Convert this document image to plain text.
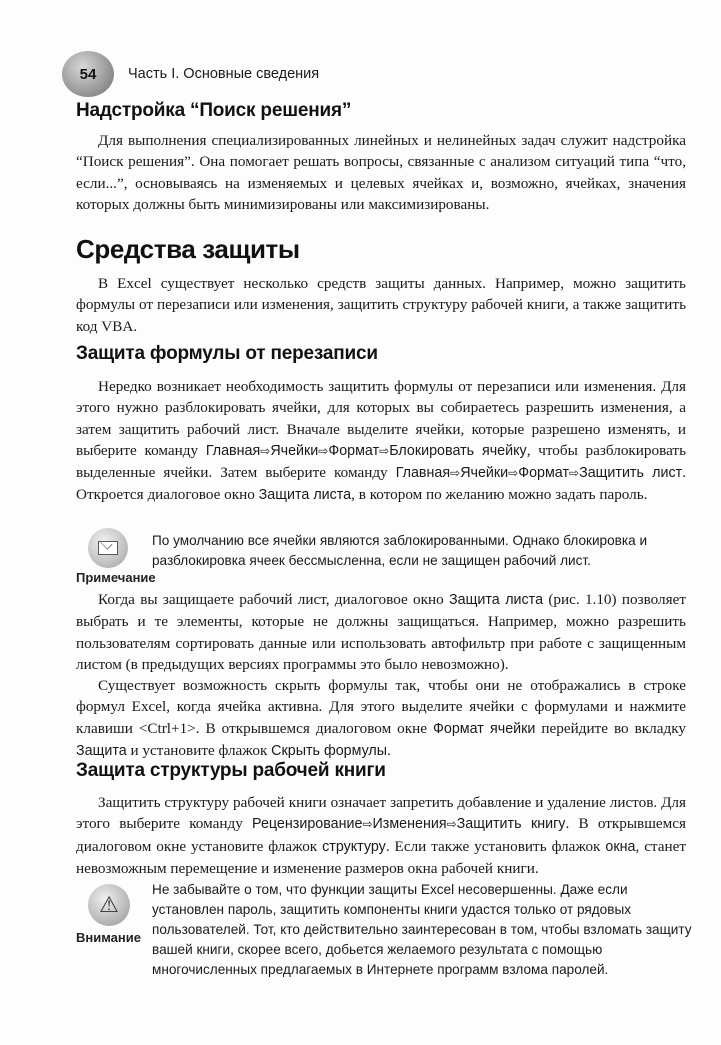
54 Часть I. Основные сведения
Надстройка “Поиск решения”

Для выполнения специализированных линейных и нелинейных задач служит надстройка “Поиск решения”. Она помогает решать вопросы, связанные с анализом ситуаций типа “что, если...”, основываясь на изменяемых и целевых ячейках и, возможно, ячейках, значения которых должны быть минимизированы или максимизированы.

Средства защиты

В Excel существует несколько средств защиты данных. Например, можно защитить формулы от перезаписи или изменения, защитить структуру рабочей книги, а также защитить код VBA.

Защита формулы от перезаписи

Нередко возникает необходимость защитить формулы от перезаписи или изменения. Для этого нужно разблокировать ячейки, для которых вы собираетесь разрешить изменения, а затем защитить рабочий лист. Вначале выделите ячейки, которые разрешено изменять, и выберите команду Главная⇨Ячейки⇨Формат⇨Блокировать ячейку, чтобы разблокировать выделенные ячейки. Затем выберите команду Главная⇨Ячейки⇨Формат⇨Защитить лист. Откроется диалоговое окно Защита листа, в котором по желанию можно задать пароль.

Примечание

По умолчанию все ячейки являются заблокированными. Однако блокировка и разблокировка ячеек бессмысленна, если не защищен рабочий лист.

Когда вы защищаете рабочий лист, диалоговое окно Защита листа (рис. 1.10) позволяет выбрать и те элементы, которые не должны защищаться. Например, можно разрешить пользователям сортировать данные или использовать автофильтр при работе с защищенным листом (в предыдущих версиях программы это было невозможно).

Существует возможность скрыть формулы так, чтобы они не отображались в строке формул Excel, когда ячейка активна. Для этого выделите ячейки с формулами и нажмите клавиши <Ctrl+1>. В открывшемся диалоговом окне Формат ячейки перейдите во вкладку Защита и установите флажок Скрыть формулы.

Защита структуры рабочей книги

Защитить структуру рабочей книги означает запретить добавление и удаление листов. Для этого выберите команду Рецензирование⇨Изменения⇨Защитить книгу. В открывшемся диалоговом окне установите флажок структуру. Если также установить флажок окна, станет невозможным перемещение и изменение размеров окна рабочей книги.

⚠
Внимание

Не забывайте о том, что функции защиты Excel несовершенны. Даже если установлен пароль, защитить компоненты книги удастся только от рядовых пользователей. Тот, кто действительно заинтересован в том, чтобы взломать защиту вашей книги, скорее всего, добьется желаемого результата с помощью многочисленных предлагаемых в Интернете программ взлома паролей.
